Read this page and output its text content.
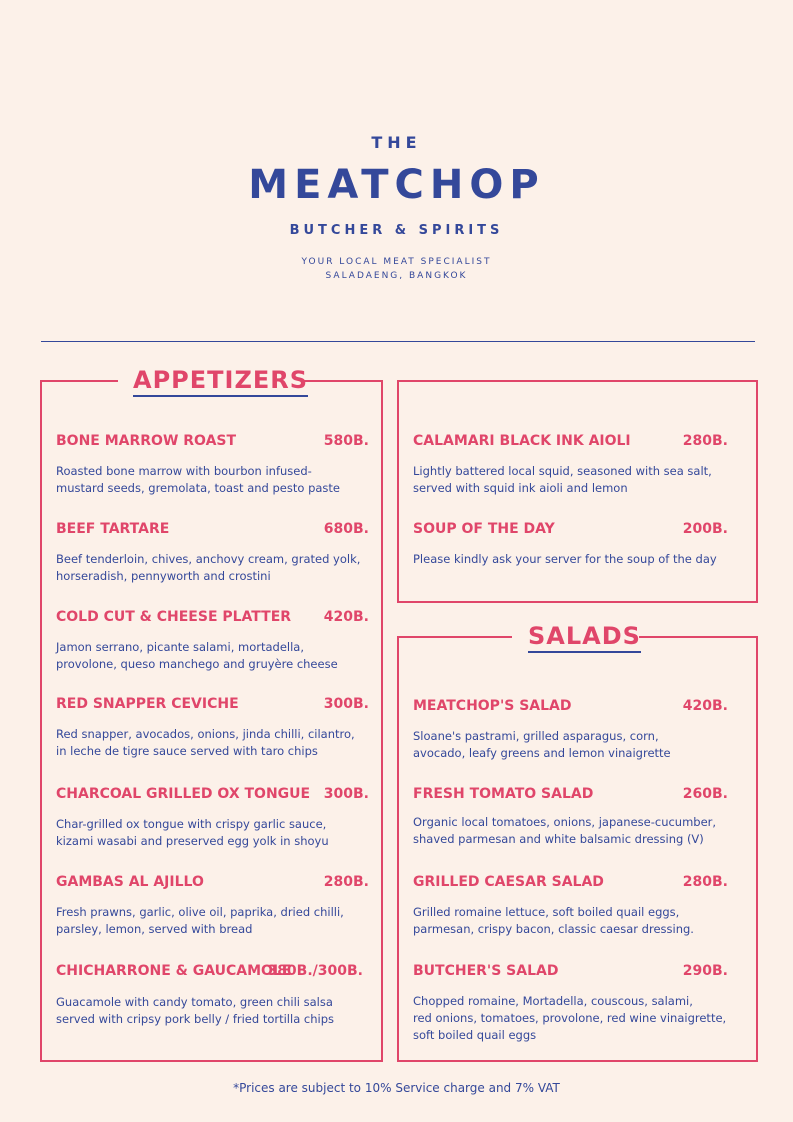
THE
MEATCHOP
BUTCHER & SPIRITS
YOUR LOCAL MEAT SPECIALIST
SALADAENG, BANGKOK
APPETIZERS
SALADS
BONE MARROW ROAST	580B.
Roasted bone marrow with bourbon infused-
mustard seeds, gremolata, toast and pesto paste
BEEF TARTARE	680B.
Beef tenderloin, chives, anchovy cream, grated yolk,
horseradish, pennyworth and crostini
COLD CUT & CHEESE PLATTER 420B.
Jamon serrano, picante salami, mortadella,
provolone, queso manchego and gruyère cheese
RED SNAPPER CEVICHE	300B.
Red snapper, avocados, onions, jinda chilli, cilantro,
in leche de tigre sauce served with taro chips
CHARCOAL GRILLED OX TONGUE 300B.
Char-grilled ox tongue with crispy garlic sauce,
kizami wasabi and preserved egg yolk in shoyu
GAMBAS AL AJILLO	280B.
Fresh prawns, garlic, olive oil, paprika, dried chilli,
parsley, lemon, served with bread
CHICHARRONE & GAUCAMOLE
380B./300B.
Guacamole with candy tomato, green chili salsa
served with cripsy pork belly / fried tortilla chips
CALAMARI BLACK INK AIOLI	280B.
Lightly battered local squid, seasoned with sea salt,
served with squid ink aioli and lemon
SOUP OF THE DAY	200B.
Please kindly ask your server for the soup of the day
MEATCHOP'S SALAD	420B.
Sloane's pastrami, grilled asparagus, corn,
avocado, leafy greens and lemon vinaigrette
FRESH TOMATO SALAD	260B.
Organic local tomatoes, onions, japanese-cucumber,
shaved parmesan and white balsamic dressing (V)
GRILLED CAESAR SALAD	280B.
Grilled romaine lettuce, soft boiled quail eggs,
parmesan, crispy bacon, classic caesar dressing.
BUTCHER'S SALAD	290B.
Chopped romaine, Mortadella, couscous, salami,
red onions, tomatoes, provolone, red wine vinaigrette,
soft boiled quail eggs
*Prices are subject to 10% Service charge and 7% VAT
